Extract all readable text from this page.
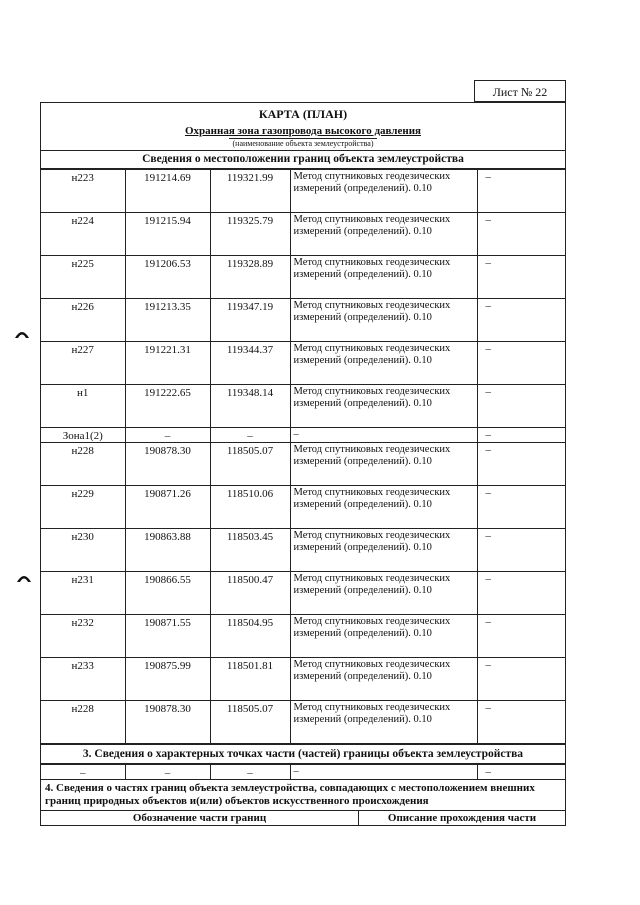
Лист № 22
КАРТА (ПЛАН)
Охранная зона газопровода высокого давления
(наименование объекта землеустройства)
Сведения о местоположении границ объекта землеустройства
н223	191214.69	119321.99	Метод спутниковых геодезических измерений (определений). 0.10	–
н224	191215.94	119325.79	Метод спутниковых геодезических измерений (определений). 0.10	–
н225	191206.53	119328.89	Метод спутниковых геодезических измерений (определений). 0.10	–
н226	191213.35	119347.19	Метод спутниковых геодезических измерений (определений). 0.10	–
н227	191221.31	119344.37	Метод спутниковых геодезических измерений (определений). 0.10	–
н1	191222.65	119348.14	Метод спутниковых геодезических измерений (определений). 0.10	–
Зона1(2)	–	–	–	–
н228	190878.30	118505.07	Метод спутниковых геодезических измерений (определений). 0.10	–
н229	190871.26	118510.06	Метод спутниковых геодезических измерений (определений). 0.10	–
н230	190863.88	118503.45	Метод спутниковых геодезических измерений (определений). 0.10	–
н231	190866.55	118500.47	Метод спутниковых геодезических измерений (определений). 0.10	–
н232	190871.55	118504.95	Метод спутниковых геодезических измерений (определений). 0.10	–
н233	190875.99	118501.81	Метод спутниковых геодезических измерений (определений). 0.10	–
н228	190878.30	118505.07	Метод спутниковых геодезических измерений (определений). 0.10	–
3. Сведения о характерных точках части (частей) границы объекта землеустройства
–	–	–	–	–
4. Сведения о частях границ объекта землеустройства, совпадающих с местоположением внешних границ природных объектов и(или) объектов искусственного происхождения
Обозначение части границ	Описание прохождения части
